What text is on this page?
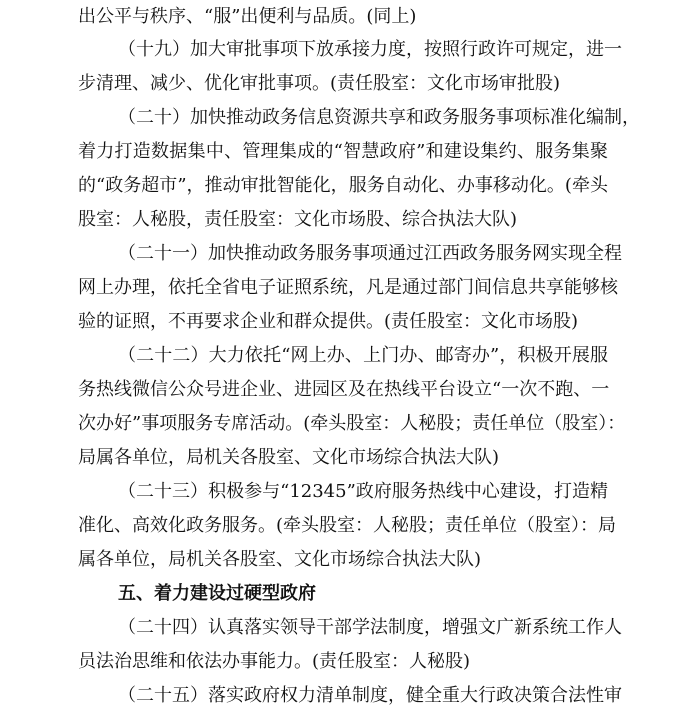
出公平与秩序、“服”出便利与品质。(同上)
（十九）加大审批事项下放承接力度，按照行政许可规定，进一
步清理、减少、优化审批事项。(责任股室：文化市场审批股)
（二十）加快推动政务信息资源共享和政务服务事项标准化编制，
着力打造数据集中、管理集成的“智慧政府”和建设集约、服务集聚
的“政务超市”，推动审批智能化，服务自动化、办事移动化。(牵头
股室：人秘股，责任股室：文化市场股、综合执法大队)
（二十一）加快推动政务服务事项通过江西政务服务网实现全程
网上办理，依托全省电子证照系统，凡是通过部门间信息共享能够核
验的证照，不再要求企业和群众提供。(责任股室：文化市场股)
（二十二）大力依托“网上办、上门办、邮寄办”，积极开展服
务热线微信公众号进企业、进园区及在热线平台设立“一次不跑、一
次办好”事项服务专席活动。(牵头股室：人秘股；责任单位（股室）：
局属各单位，局机关各股室、文化市场综合执法大队)
（二十三）积极参与“12345”政府服务热线中心建设，打造精
准化、高效化政务服务。(牵头股室：人秘股；责任单位（股室）：局
属各单位，局机关各股室、文化市场综合执法大队)
五、着力建设过硬型政府
（二十四）认真落实领导干部学法制度，增强文广新系统工作人
员法治思维和依法办事能力。(责任股室：人秘股)
（二十五）落实政府权力清单制度，健全重大行政决策合法性审
